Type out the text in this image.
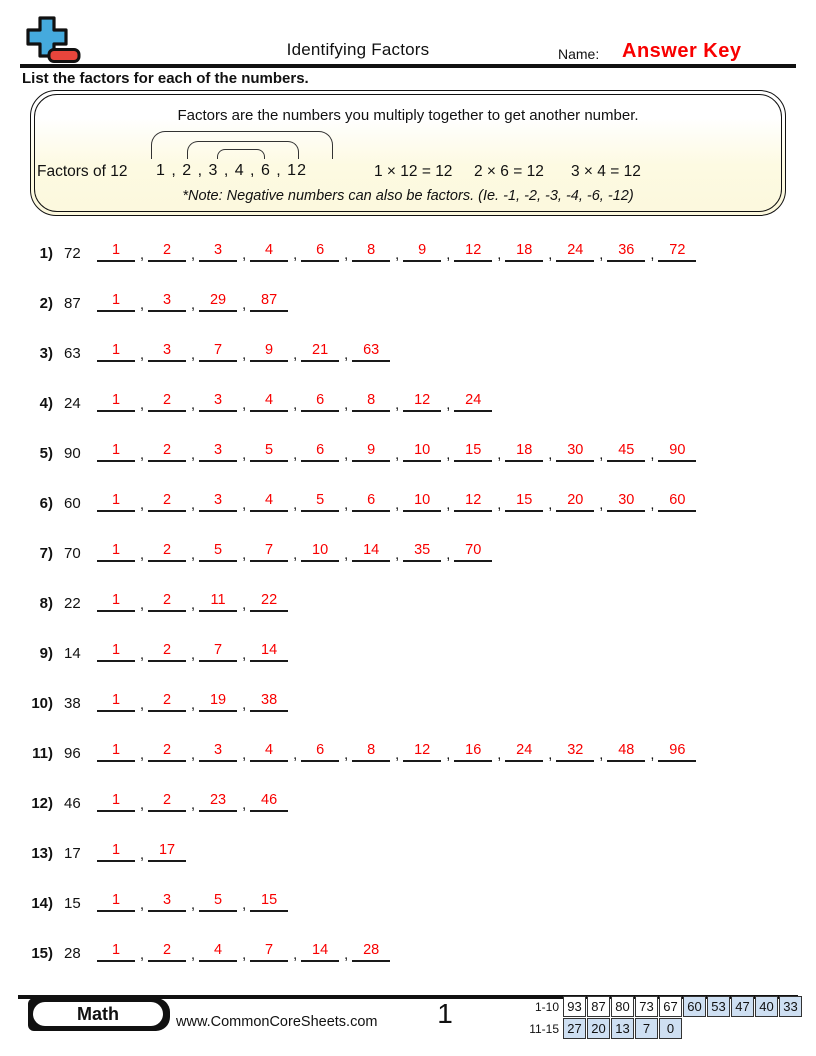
Identifying Factors	Name: Answer Key
List the factors for each of the numbers.
Factors are the numbers you multiply together to get another number.
Factors of 12 1 , 2 , 3 , 4 , 6 , 12	1 × 12 = 12 2 × 6 = 12 3 × 4 = 12
*Note: Negative numbers can also be factors. (Ie. -1, -2, -3, -4, -6, -12)
1) 72	1	,	2	,	3	,	4	,	6	,	8	,	9	,	12	,	18	,	24	,	36	,	72
2) 87	1	,	3	,	29	,	87
3) 63	1	,	3	,	7	,	9	,	21	,	63
4) 24	1	,	2	,	3	,	4	,	6	,	8	,	12	,	24
5) 90	1	,	2	,	3	,	5	,	6	,	9	,	10	,	15	,	18	,	30	,	45	,	90
6) 60	1	,	2	,	3	,	4	,	5	,	6	,	10	,	12	,	15	,	20	,	30	,	60
7) 70	1	,	2	,	5	,	7	,	10	,	14	,	35	,	70
8) 22	1	,	2	,	11	,	22
9) 14	1	,	2	,	7	,	14
10) 38	1	,	2	,	19	,	38
11) 96	1	,	2	,	3	,	4	,	6	,	8	,	12	,	16	,	24	,	32	,	48	,	96
12) 46	1	,	2	,	23	,	46
13) 17	1	,	17
14) 15	1	,	3	,	5	,	15
15) 28	1	,	2	,	4	,	7	,	14	,	28
Math	www.CommonCoreSheets.com	1	1-10 93 87 80 73 67 60 53 47 40 33
11-15 27 20 13	7	0
